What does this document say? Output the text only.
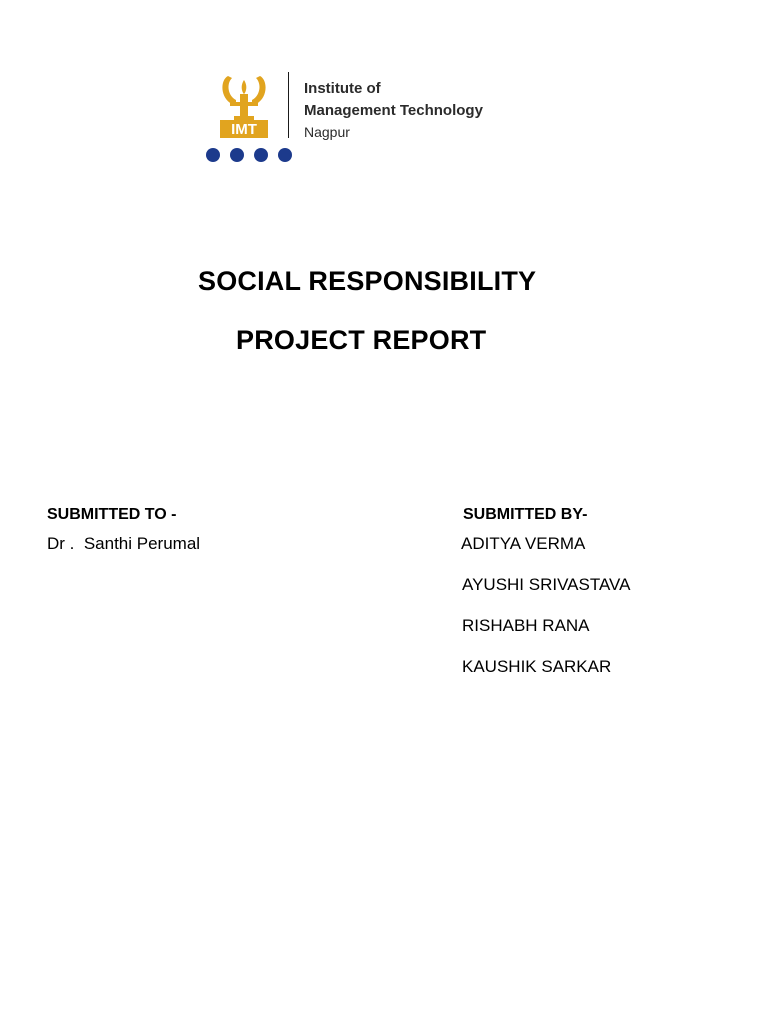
IMT
Institute of
Management Technology
Nagpur
SOCIAL RESPONSIBILITY
PROJECT REPORT
SUBMITTED TO -
Dr .  Santhi Perumal
SUBMITTED BY-
ADITYA VERMA
AYUSHI SRIVASTAVA
RISHABH RANA
KAUSHIK SARKAR
